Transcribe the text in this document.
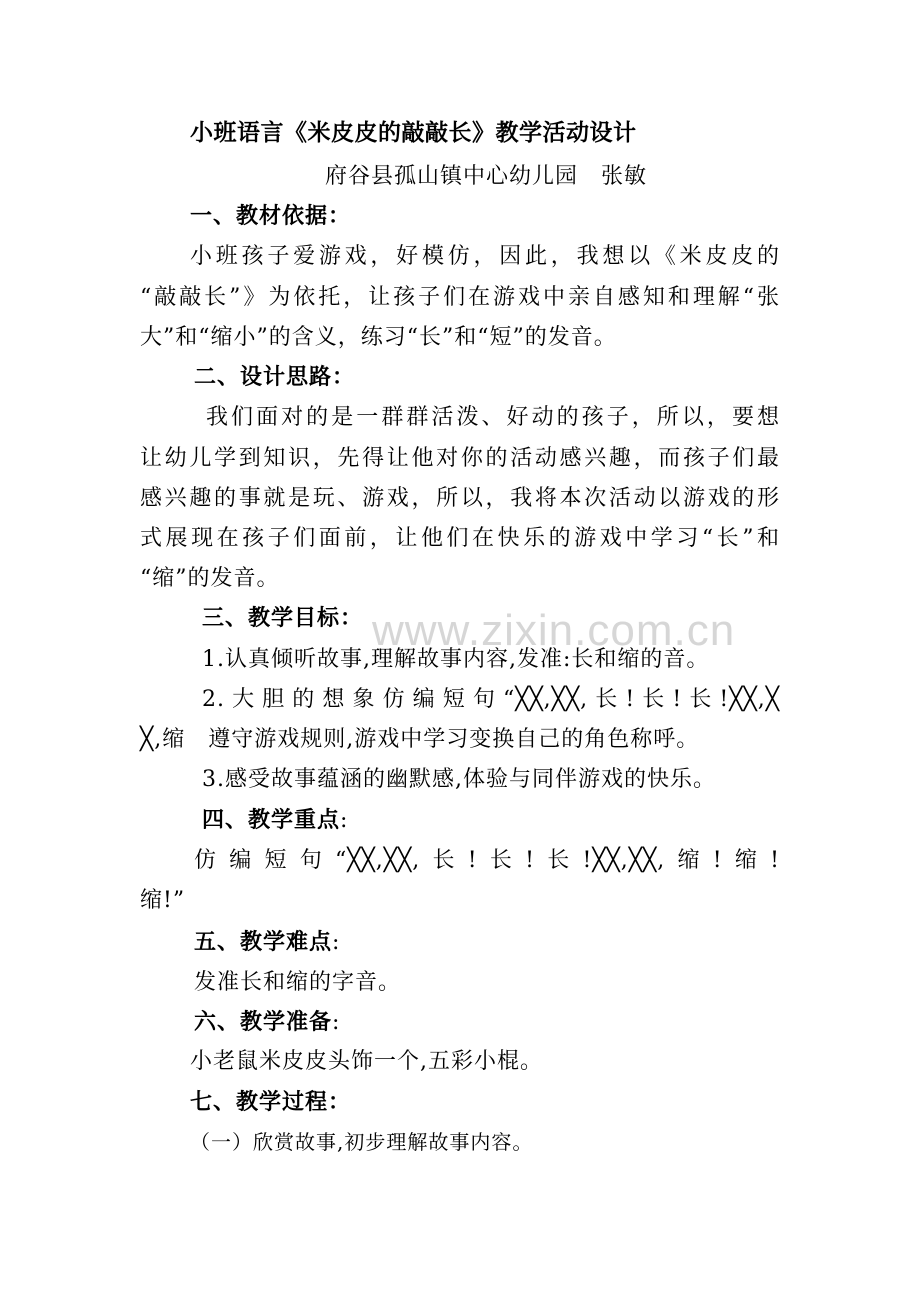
www.zixin.com.cn
小班语言《米皮皮的敲敲长》教学活动设计
府谷县孤山镇中心幼儿园　张敏
一、教材依据：
小班孩子爱游戏，好模仿，因此，我想以《米皮皮的
“敲敲长”》为依托，让孩子们在游戏中亲自感知和理解“张
大”和“缩小”的含义，练习“长”和“短”的发音。
二、设计思路：
我们面对的是一群群活泼、好动的孩子，所以，要想
让幼儿学到知识，先得让他对你的活动感兴趣，而孩子们最
感兴趣的事就是玩、游戏，所以，我将本次活动以游戏的形
式展现在孩子们面前，让他们在快乐的游戏中学习“长”和
“缩”的发音。
三、教学目标：
1.认真倾听故事,理解故事内容,发准:长和缩的音。
2.大胆的想象仿编短句“╳╳,╳╳,长!长!长!╳╳,╳
╳,缩　遵守游戏规则,游戏中学习变换自己的角色称呼。
3.感受故事蕴涵的幽默感,体验与同伴游戏的快乐。
四、教学重点:
仿编短句“╳╳,╳╳,长!长!长!╳╳,╳╳,缩!缩!
缩!”
五、教学难点:
发准长和缩的字音。
六、教学准备:
小老鼠米皮皮头饰一个,五彩小棍。
七、教学过程：
（一）欣赏故事,初步理解故事内容。
